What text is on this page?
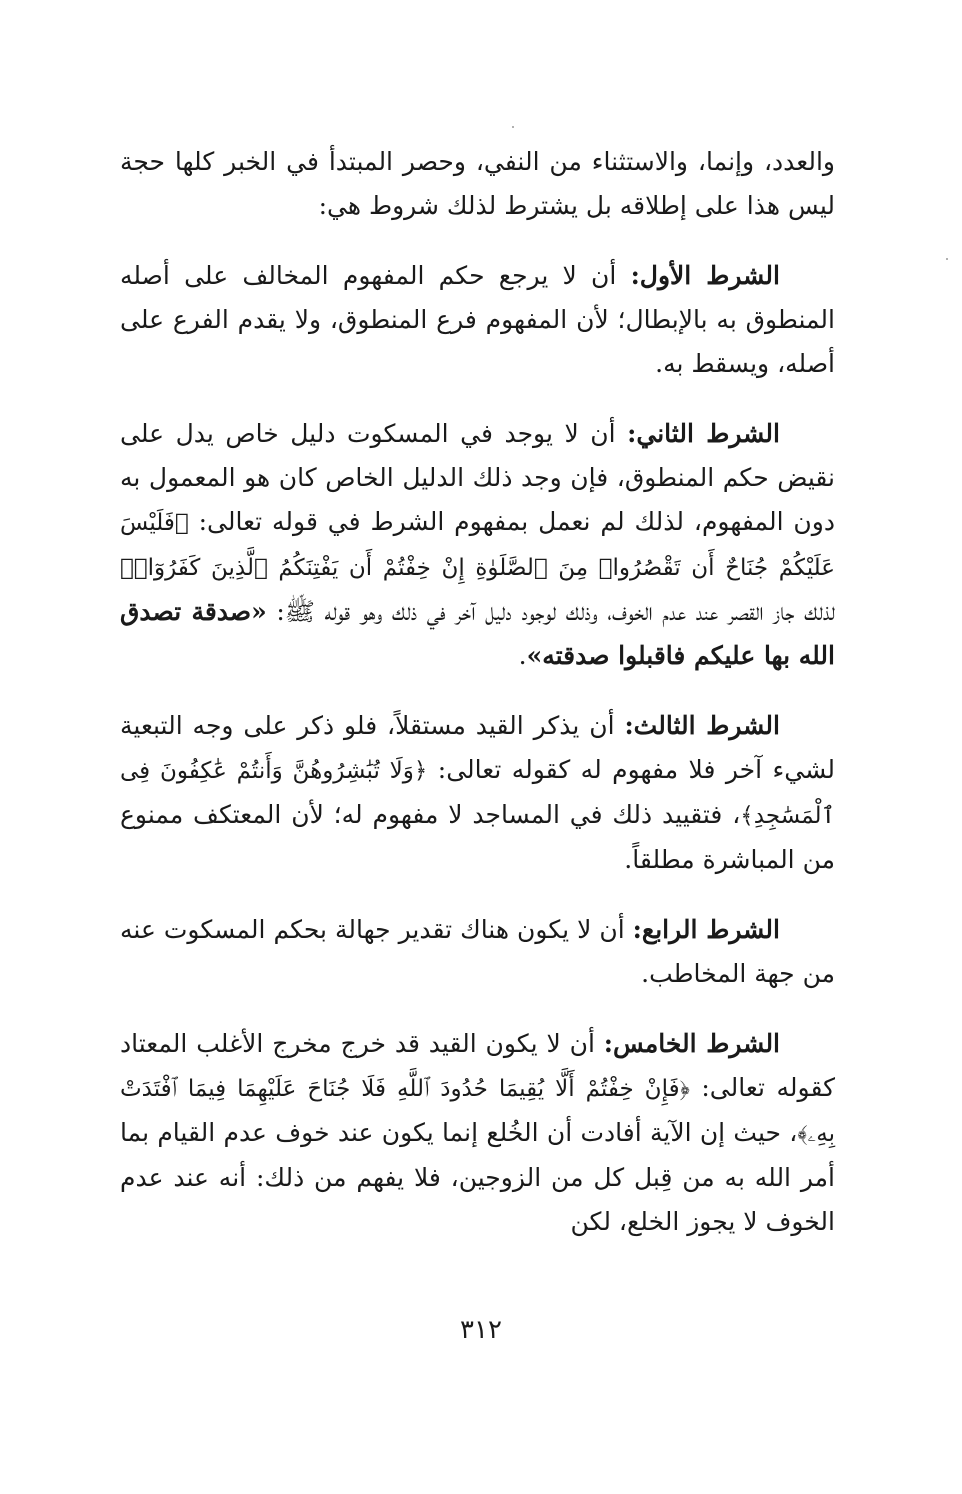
والعدد، وإنما، والاستثناء من النفي، وحصر المبتدأ في الخبر كلها حجة ليس هذا على إطلاقه بل يشترط لذلك شروط هي:

الشرط الأول: أن لا يرجع حكم المفهوم المخالف على أصله المنطوق به بالإبطال؛ لأن المفهوم فرع المنطوق، ولا يقدم الفرع على أصله، ويسقط به.

الشرط الثاني: أن لا يوجد في المسكوت دليل خاص يدل على نقيض حكم المنطوق، فإن وجد ذلك الدليل الخاص كان هو المعمول به دون المفهوم، لذلك لم نعمل بمفهوم الشرط في قوله تعالى: ﴿فَلَيْسَ عَلَيْكُمْ جُنَاحٌ أَن تَقْصُرُوا۟ مِنَ ٱلصَّلَوٰةِ إِنْ خِفْتُمْ أَن يَفْتِنَكُمُ ٱلَّذِينَ كَفَرُوٓا۟﴾ لذلك جاز القصر عند عدم الخوف، وذلك لوجود دليل آخر في ذلك وهو قوله ﷺ: «صدقة تصدق الله بها عليكم فاقبلوا صدقته».

الشرط الثالث: أن يذكر القيد مستقلاً، فلو ذكر على وجه التبعية لشيء آخر فلا مفهوم له كقوله تعالى: ﴿وَلَا تُبَٰشِرُوهُنَّ وَأَنتُمْ عَٰكِفُونَ فِى ٱلْمَسَٰجِدِ﴾، فتقييد ذلك في المساجد لا مفهوم له؛ لأن المعتكف ممنوع من المباشرة مطلقاً.

الشرط الرابع: أن لا يكون هناك تقدير جهالة بحكم المسكوت عنه من جهة المخاطب.

الشرط الخامس: أن لا يكون القيد قد خرج مخرج الأغلب المعتاد كقوله تعالى: ﴿فَإِنْ خِفْتُمْ أَلَّا يُقِيمَا حُدُودَ ٱللَّهِ فَلَا جُنَاحَ عَلَيْهِمَا فِيمَا ٱفْتَدَتْ بِهِۦ﴾، حيث إن الآية أفادت أن الخُلع إنما يكون عند خوف عدم القيام بما أمر الله به من قِبل كل من الزوجين، فلا يفهم من ذلك: أنه عند عدم الخوف لا يجوز الخلع، لكن

٣١٢
